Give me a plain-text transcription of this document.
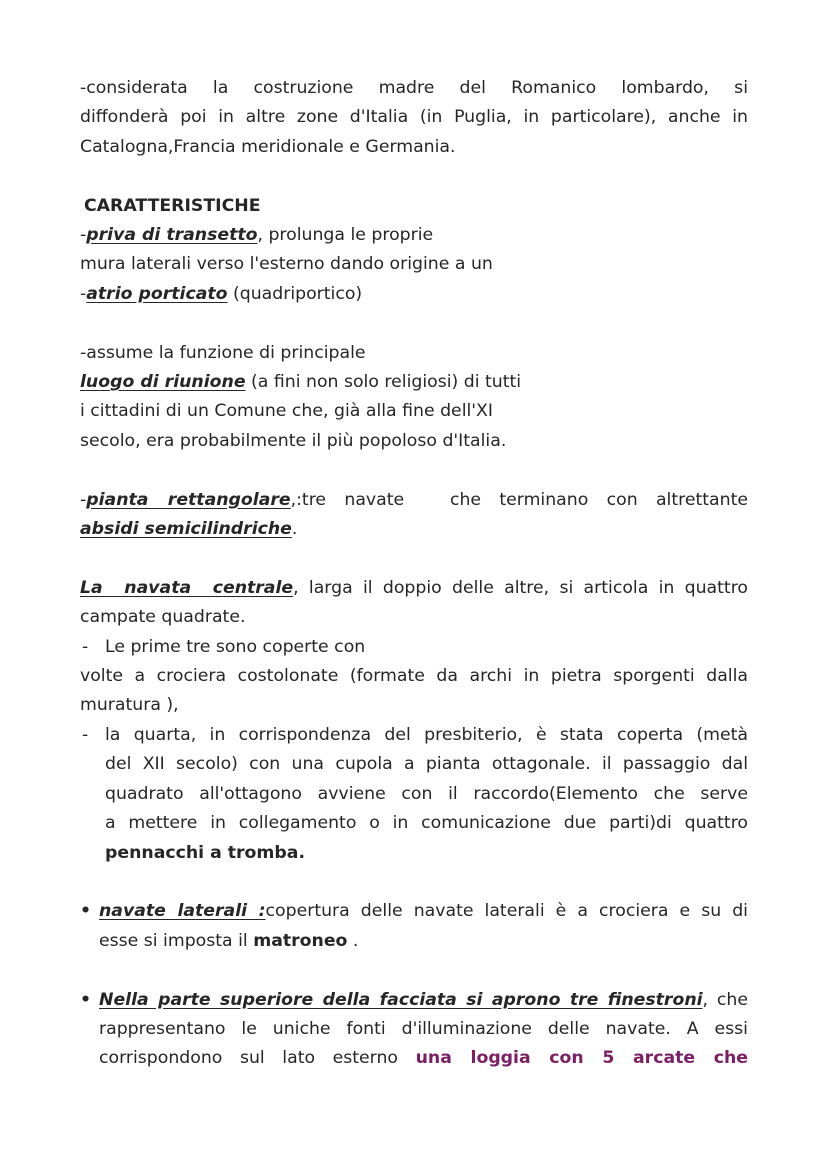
-considerata la costruzione madre del Romanico lombardo, si

diffonderà poi in altre zone d'Italia (in Puglia, in particolare), anche in

Catalogna,Francia meridionale e Germania.

CARATTERISTICHE

-priva di transetto, prolunga le proprie

mura laterali verso l'esterno dando origine a un

-atrio porticato (quadriportico)

-assume la funzione di principale

luogo di riunione (a fini non solo religiosi) di tutti

i cittadini di un Comune che, già alla fine dell'XI

secolo, era probabilmente il più popoloso d'Italia.

-pianta  rettangolare,:tre  navate     che  terminano  con  altrettante

absidi semicilindriche.

La  navata  centrale, larga il doppio delle altre, si articola in quattro

campate quadrate.

- Le prime tre sono coperte con

volte a crociera costolonate (formate da archi in pietra sporgenti dalla

muratura ),

- la quarta, in corrispondenza del presbiterio, è stata coperta (metà

del XII secolo) con una cupola a pianta ottagonale. il passaggio dal

quadrato all'ottagono avviene con il raccordo(Elemento che serve

a mettere in collegamento o in comunicazione due parti)di quattro

pennacchi a tromba.

• navate laterali :copertura delle navate laterali è a crociera e su di

esse si imposta il matroneo .

• Nella parte superiore della facciata si aprono tre finestroni, che

rappresentano le uniche fonti d'illuminazione delle navate. A essi

corrispondono  sul  lato  esterno  una  loggia  con  5  arcate  che
